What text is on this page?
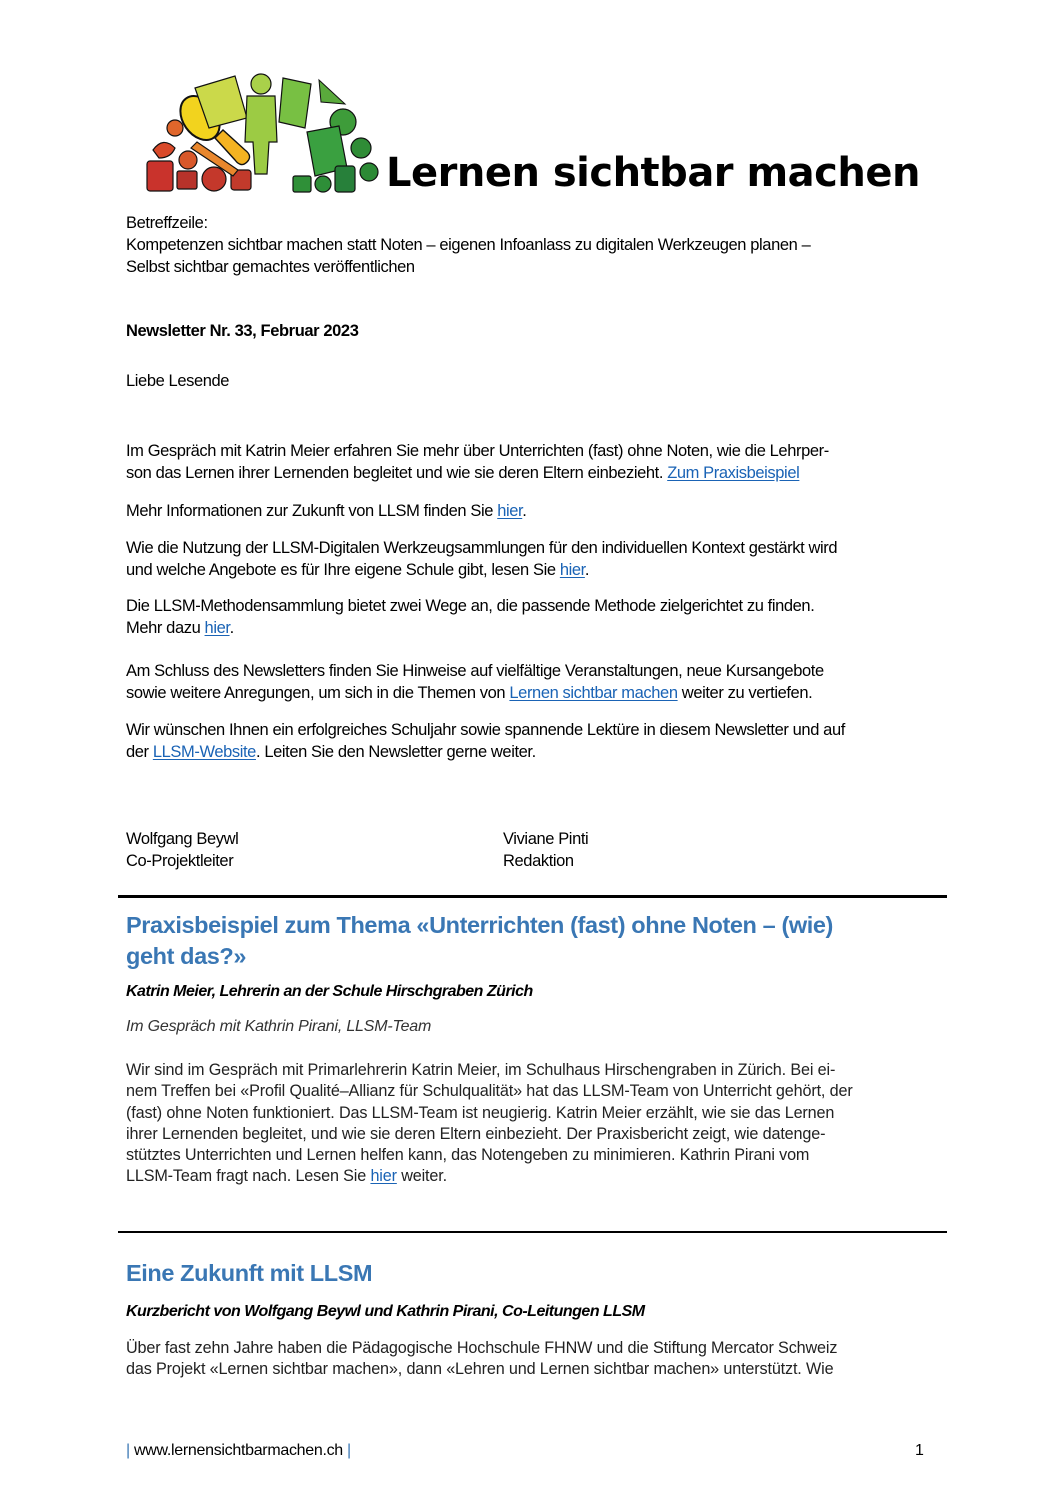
Lernen sichtbar machen
Betreffzeile:
Kompetenzen sichtbar machen statt Noten – eigenen Infoanlass zu digitalen Werkzeugen planen –
Selbst sichtbar gemachtes veröffentlichen
Newsletter Nr. 33, Februar 2023
Liebe Lesende
Im Gespräch mit Katrin Meier erfahren Sie mehr über Unterrichten (fast) ohne Noten, wie die Lehrper-
son das Lernen ihrer Lernenden begleitet und wie sie deren Eltern einbezieht. Zum Praxisbeispiel
Mehr Informationen zur Zukunft von LLSM finden Sie hier.
Wie die Nutzung der LLSM-Digitalen Werkzeugsammlungen für den individuellen Kontext gestärkt wird
und welche Angebote es für Ihre eigene Schule gibt, lesen Sie hier.
Die LLSM-Methodensammlung bietet zwei Wege an, die passende Methode zielgerichtet zu finden.
Mehr dazu hier.
Am Schluss des Newsletters finden Sie Hinweise auf vielfältige Veranstaltungen, neue Kursangebote
sowie weitere Anregungen, um sich in die Themen von Lernen sichtbar machen weiter zu vertiefen.
Wir wünschen Ihnen ein erfolgreiches Schuljahr sowie spannende Lektüre in diesem Newsletter und auf
der LLSM-Website. Leiten Sie den Newsletter gerne weiter.
Wolfgang Beywl
Co-Projektleiter
Viviane Pinti
Redaktion
Praxisbeispiel zum Thema «Unterrichten (fast) ohne Noten – (wie)
geht das?»
Katrin Meier, Lehrerin an der Schule Hirschgraben Zürich
Im Gespräch mit Kathrin Pirani, LLSM-Team
Wir sind im Gespräch mit Primarlehrerin Katrin Meier, im Schulhaus Hirschengraben in Zürich. Bei ei-
nem Treffen bei «Profil Qualité–Allianz für Schulqualität» hat das LLSM-Team von Unterricht gehört, der
(fast) ohne Noten funktioniert. Das LLSM-Team ist neugierig. Katrin Meier erzählt, wie sie das Lernen
ihrer Lernenden begleitet, und wie sie deren Eltern einbezieht. Der Praxisbericht zeigt, wie datenge-
stütztes Unterrichten und Lernen helfen kann, das Notengeben zu minimieren. Kathrin Pirani vom
LLSM-Team fragt nach. Lesen Sie hier weiter.
Eine Zukunft mit LLSM
Kurzbericht von Wolfgang Beywl und Kathrin Pirani, Co-Leitungen LLSM
Über fast zehn Jahre haben die Pädagogische Hochschule FHNW und die Stiftung Mercator Schweiz
das Projekt «Lernen sichtbar machen», dann «Lehren und Lernen sichtbar machen» unterstützt. Wie
| www.lernensichtbarmachen.ch |	1
